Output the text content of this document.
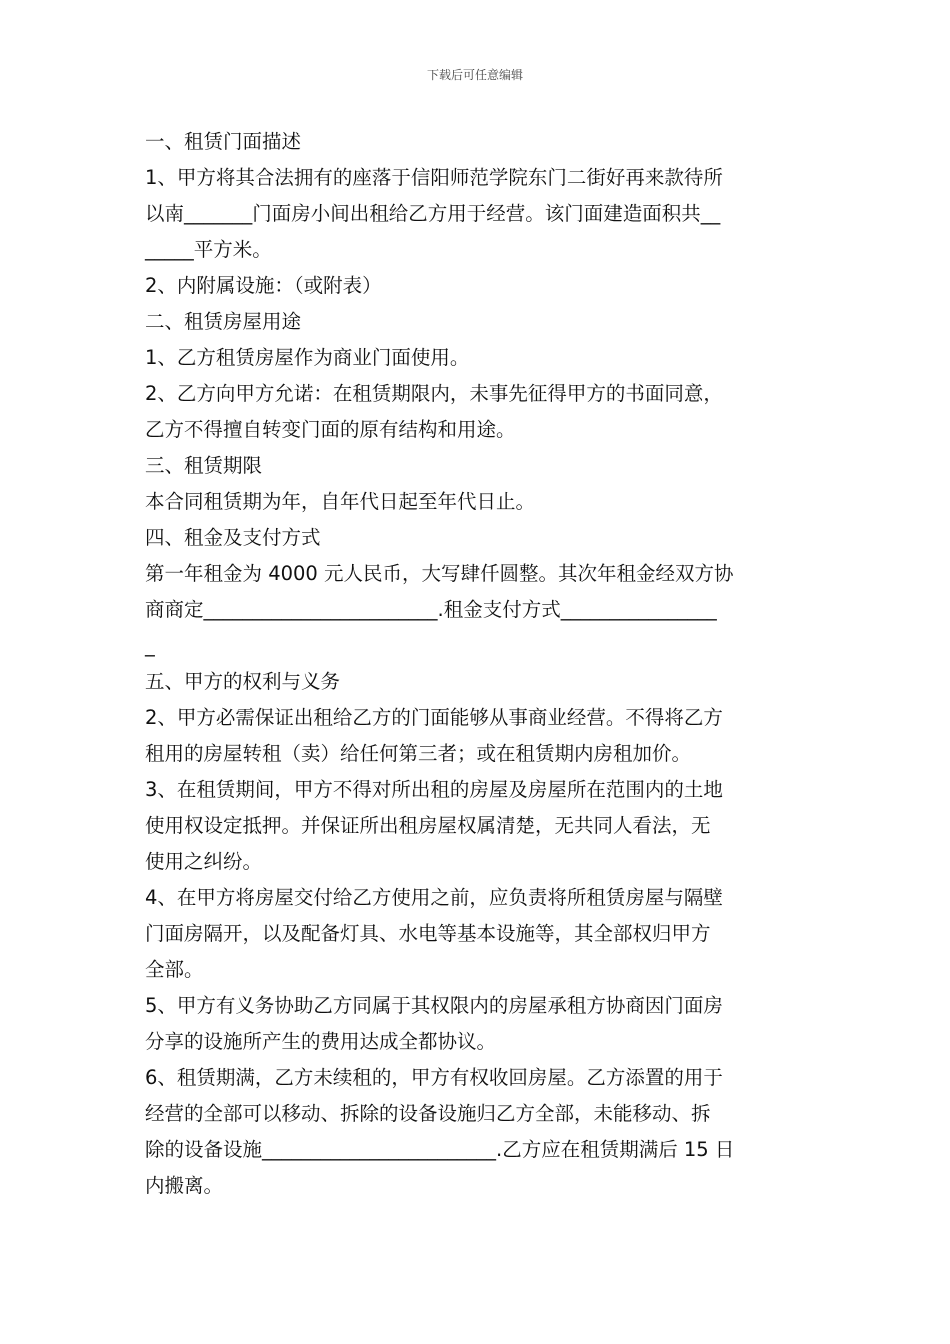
下载后可任意编辑
一、租赁门面描述
1、甲方将其合法拥有的座落于信阳师范学院东门二街好再来款待所
以南_______门面房小间出租给乙方用于经营。该门面建造面积共__
_____平方米。
2、内附属设施：（或附表）
二、租赁房屋用途
1、乙方租赁房屋作为商业门面使用。
2、乙方向甲方允诺：在租赁期限内，未事先征得甲方的书面同意，
乙方不得擅自转变门面的原有结构和用途。
三、租赁期限
本合同租赁期为年，自年代日起至年代日止。
四、租金及支付方式
第一年租金为 4000 元人民币，大写肆仟圆整。其次年租金经双方协
商商定________________________.租金支付方式________________
_
五、甲方的权利与义务
2、甲方必需保证出租给乙方的门面能够从事商业经营。不得将乙方
租用的房屋转租（卖）给任何第三者；或在租赁期内房租加价。
3、在租赁期间，甲方不得对所出租的房屋及房屋所在范围内的土地
使用权设定抵押。并保证所出租房屋权属清楚，无共同人看法，无
使用之纠纷。
4、在甲方将房屋交付给乙方使用之前，应负责将所租赁房屋与隔壁
门面房隔开，以及配备灯具、水电等基本设施等，其全部权归甲方
全部。
5、甲方有义务协助乙方同属于其权限内的房屋承租方协商因门面房
分享的设施所产生的费用达成全都协议。
6、租赁期满，乙方未续租的，甲方有权收回房屋。乙方添置的用于
经营的全部可以移动、拆除的设备设施归乙方全部，未能移动、拆
除的设备设施________________________.乙方应在租赁期满后 15 日
内搬离。
